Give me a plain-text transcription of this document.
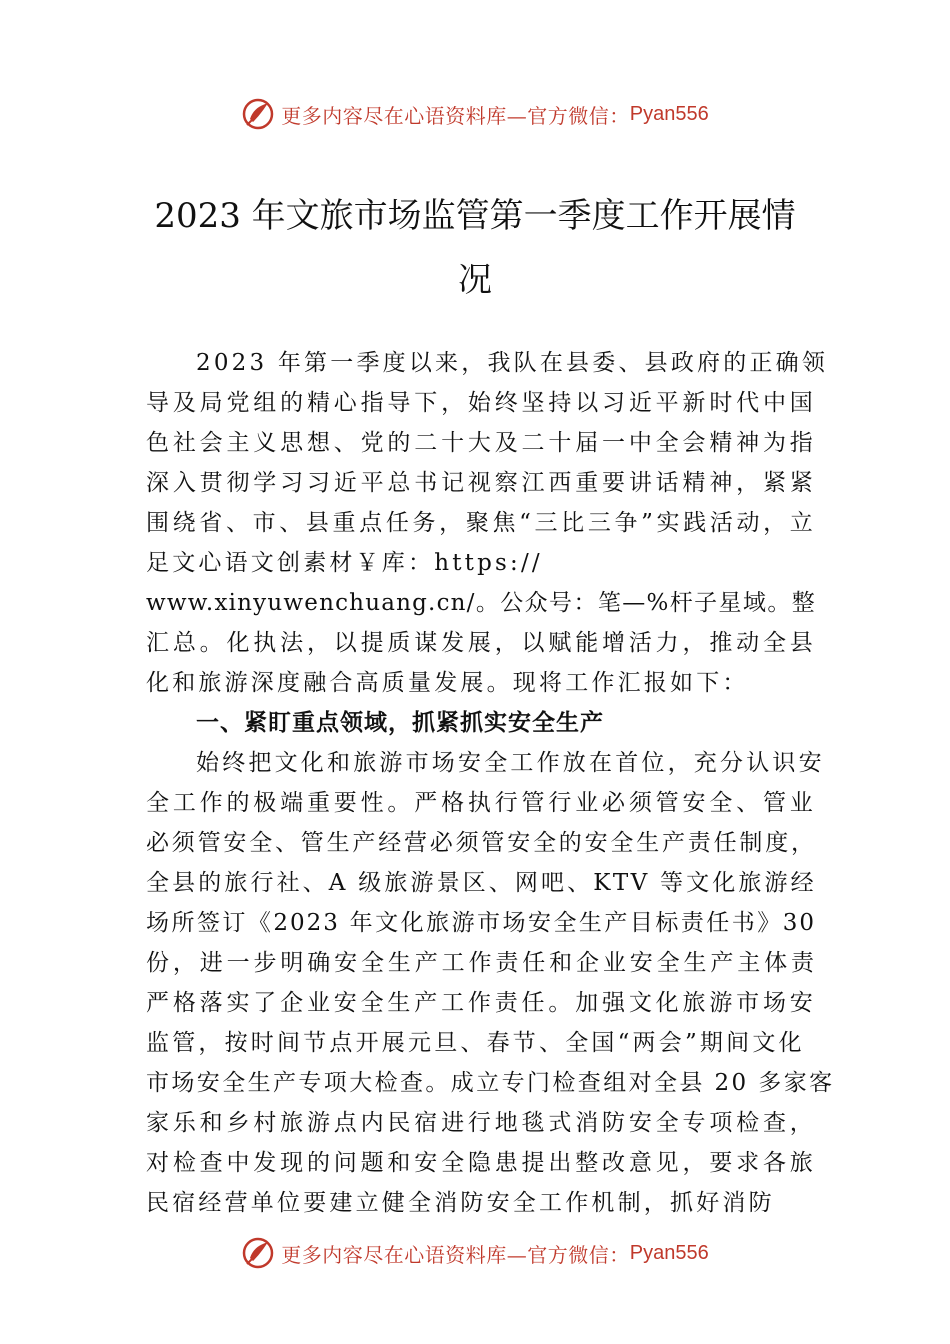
更多内容尽在心语资料库—官方微信： Pyan556
2023 年文旅市场监管第一季度工作开展情
况
2023 年第一季度以来，我队在县委、县政府的正确领
导及局党组的精心指导下，始终坚持以习近平新时代中国
色社会主义思想、党的二十大及二十届一中全会精神为指
深入贯彻学习习近平总书记视察江西重要讲话精神，紧紧
围绕省、市、县重点任务，聚焦“三比三争”实践活动，立
足文心语文创素材￥库：https://
www.xinyuwenchuang.cn/。公众号：笔—%杆子星域。整
汇总。化执法，以提质谋发展，以赋能增活力，推动全县
化和旅游深度融合高质量发展。现将工作汇报如下：
一、紧盯重点领域，抓紧抓实安全生产
始终把文化和旅游市场安全工作放在首位，充分认识安
全工作的极端重要性。严格执行管行业必须管安全、管业
必须管安全、管生产经营必须管安全的安全生产责任制度，
全县的旅行社、A 级旅游景区、网吧、KTV 等文化旅游经
场所签订《2023 年文化旅游市场安全生产目标责任书》30
份，进一步明确安全生产工作责任和企业安全生产主体责
严格落实了企业安全生产工作责任。加强文化旅游市场安
监管，按时间节点开展元旦、春节、全国“两会”期间文化
市场安全生产专项大检查。成立专门检查组对全县 20 多家客
家乐和乡村旅游点内民宿进行地毯式消防安全专项检查，
对检查中发现的问题和安全隐患提出整改意见，要求各旅
民宿经营单位要建立健全消防安全工作机制，抓好消防
更多内容尽在心语资料库—官方微信： Pyan556
